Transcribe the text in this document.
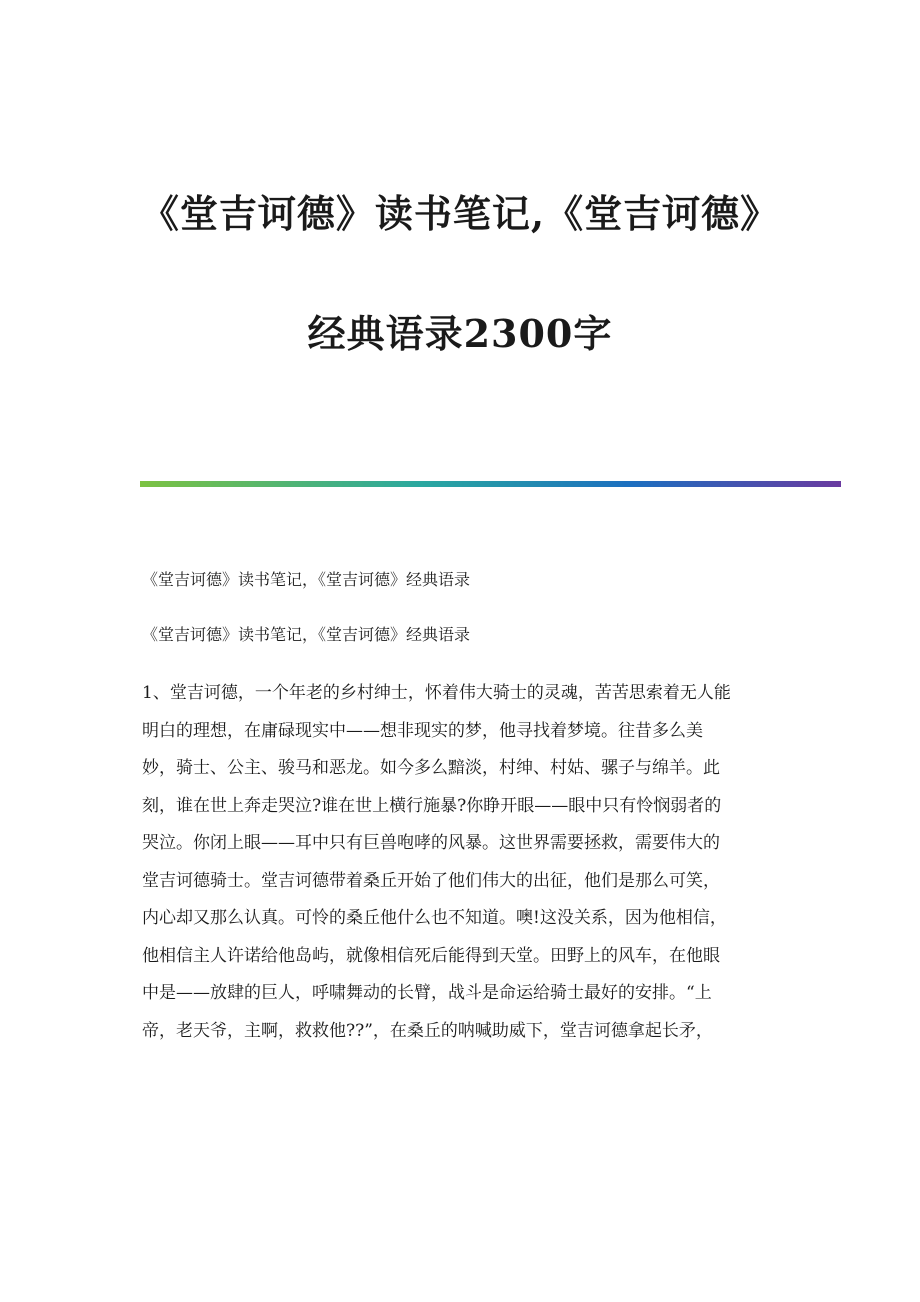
《堂吉诃德》读书笔记,《堂吉诃德》
经典语录2300字
《堂吉诃德》读书笔记，《堂吉诃德》经典语录
《堂吉诃德》读书笔记，《堂吉诃德》经典语录
1、堂吉诃德，一个年老的乡村绅士，怀着伟大骑士的灵魂，苦苦思索着无人能
明白的理想，在庸碌现实中——想非现实的梦，他寻找着梦境。往昔多么美
妙，骑士、公主、骏马和恶龙。如今多么黯淡，村绅、村姑、骡子与绵羊。此
刻，谁在世上奔走哭泣?谁在世上横行施暴?你睁开眼——眼中只有怜悯弱者的
哭泣。你闭上眼——耳中只有巨兽咆哮的风暴。这世界需要拯救，需要伟大的
堂吉诃德骑士。堂吉诃德带着桑丘开始了他们伟大的出征，他们是那么可笑，
内心却又那么认真。可怜的桑丘他什么也不知道。噢!这没关系，因为他相信，
他相信主人许诺给他岛屿，就像相信死后能得到天堂。田野上的风车，在他眼
中是——放肆的巨人，呼啸舞动的长臂，战斗是命运给骑士最好的安排。“上
帝，老天爷，主啊，救救他??”，在桑丘的呐喊助威下，堂吉诃德拿起长矛，
